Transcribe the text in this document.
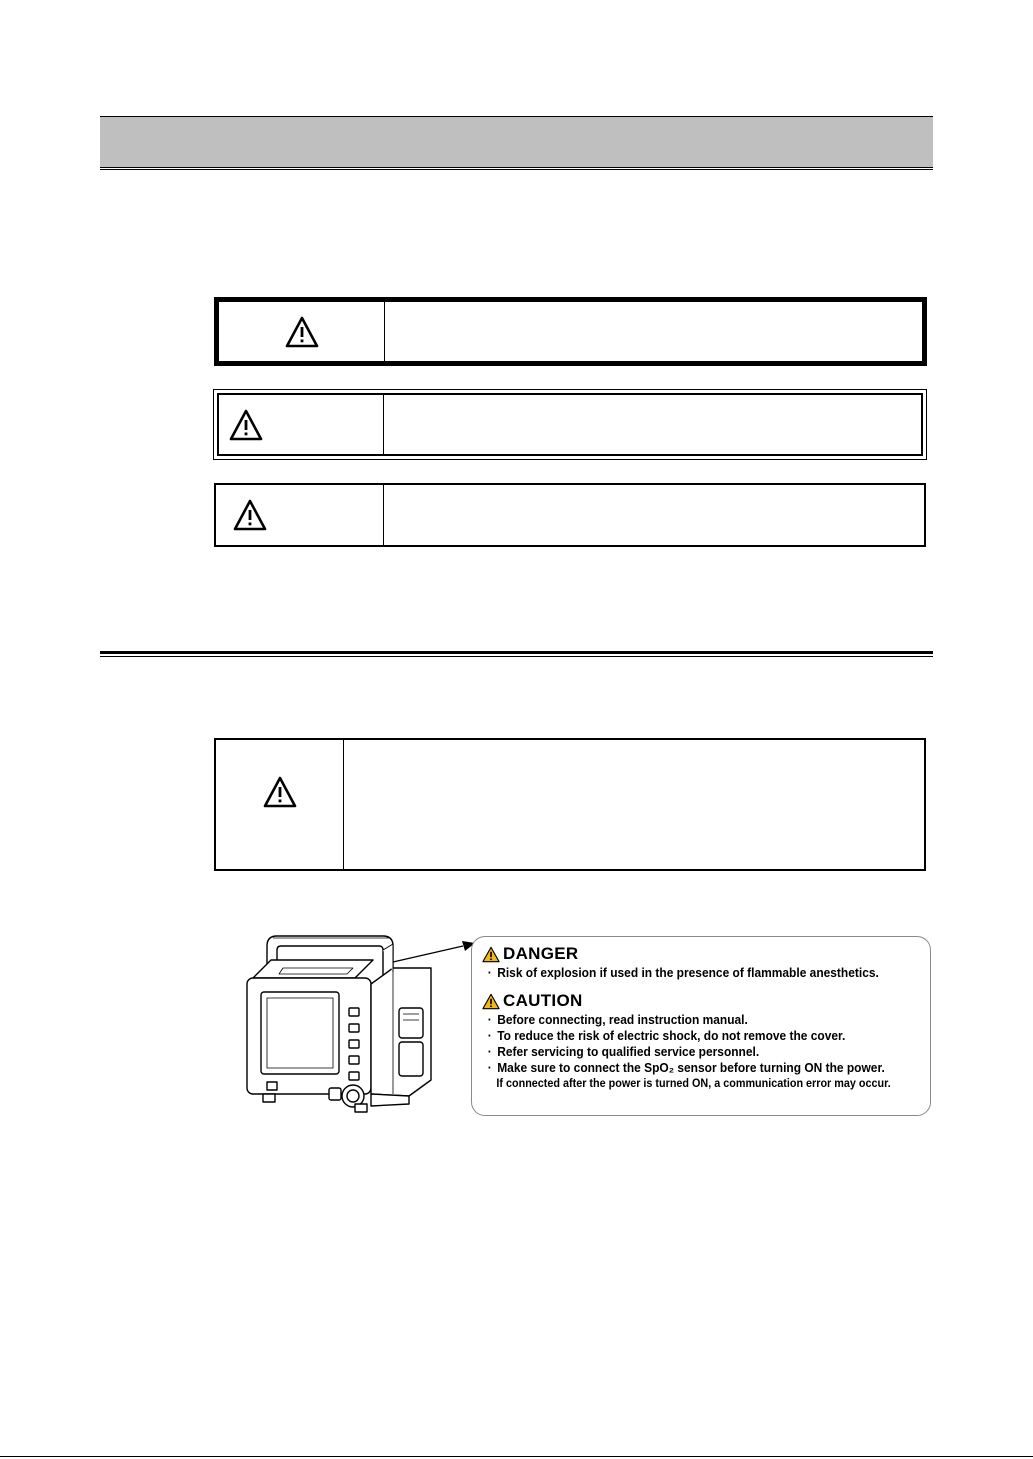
DANGER
· Risk of explosion if used in the presence of flammable anesthetics.
CAUTION
· Before connecting, read instruction manual.
· To reduce the risk of electric shock, do not remove the cover.
· Refer servicing to qualified service personnel.
· Make sure to connect the SpO₂ sensor before turning ON the power.
If connected after the power is turned ON, a communication error may occur.
